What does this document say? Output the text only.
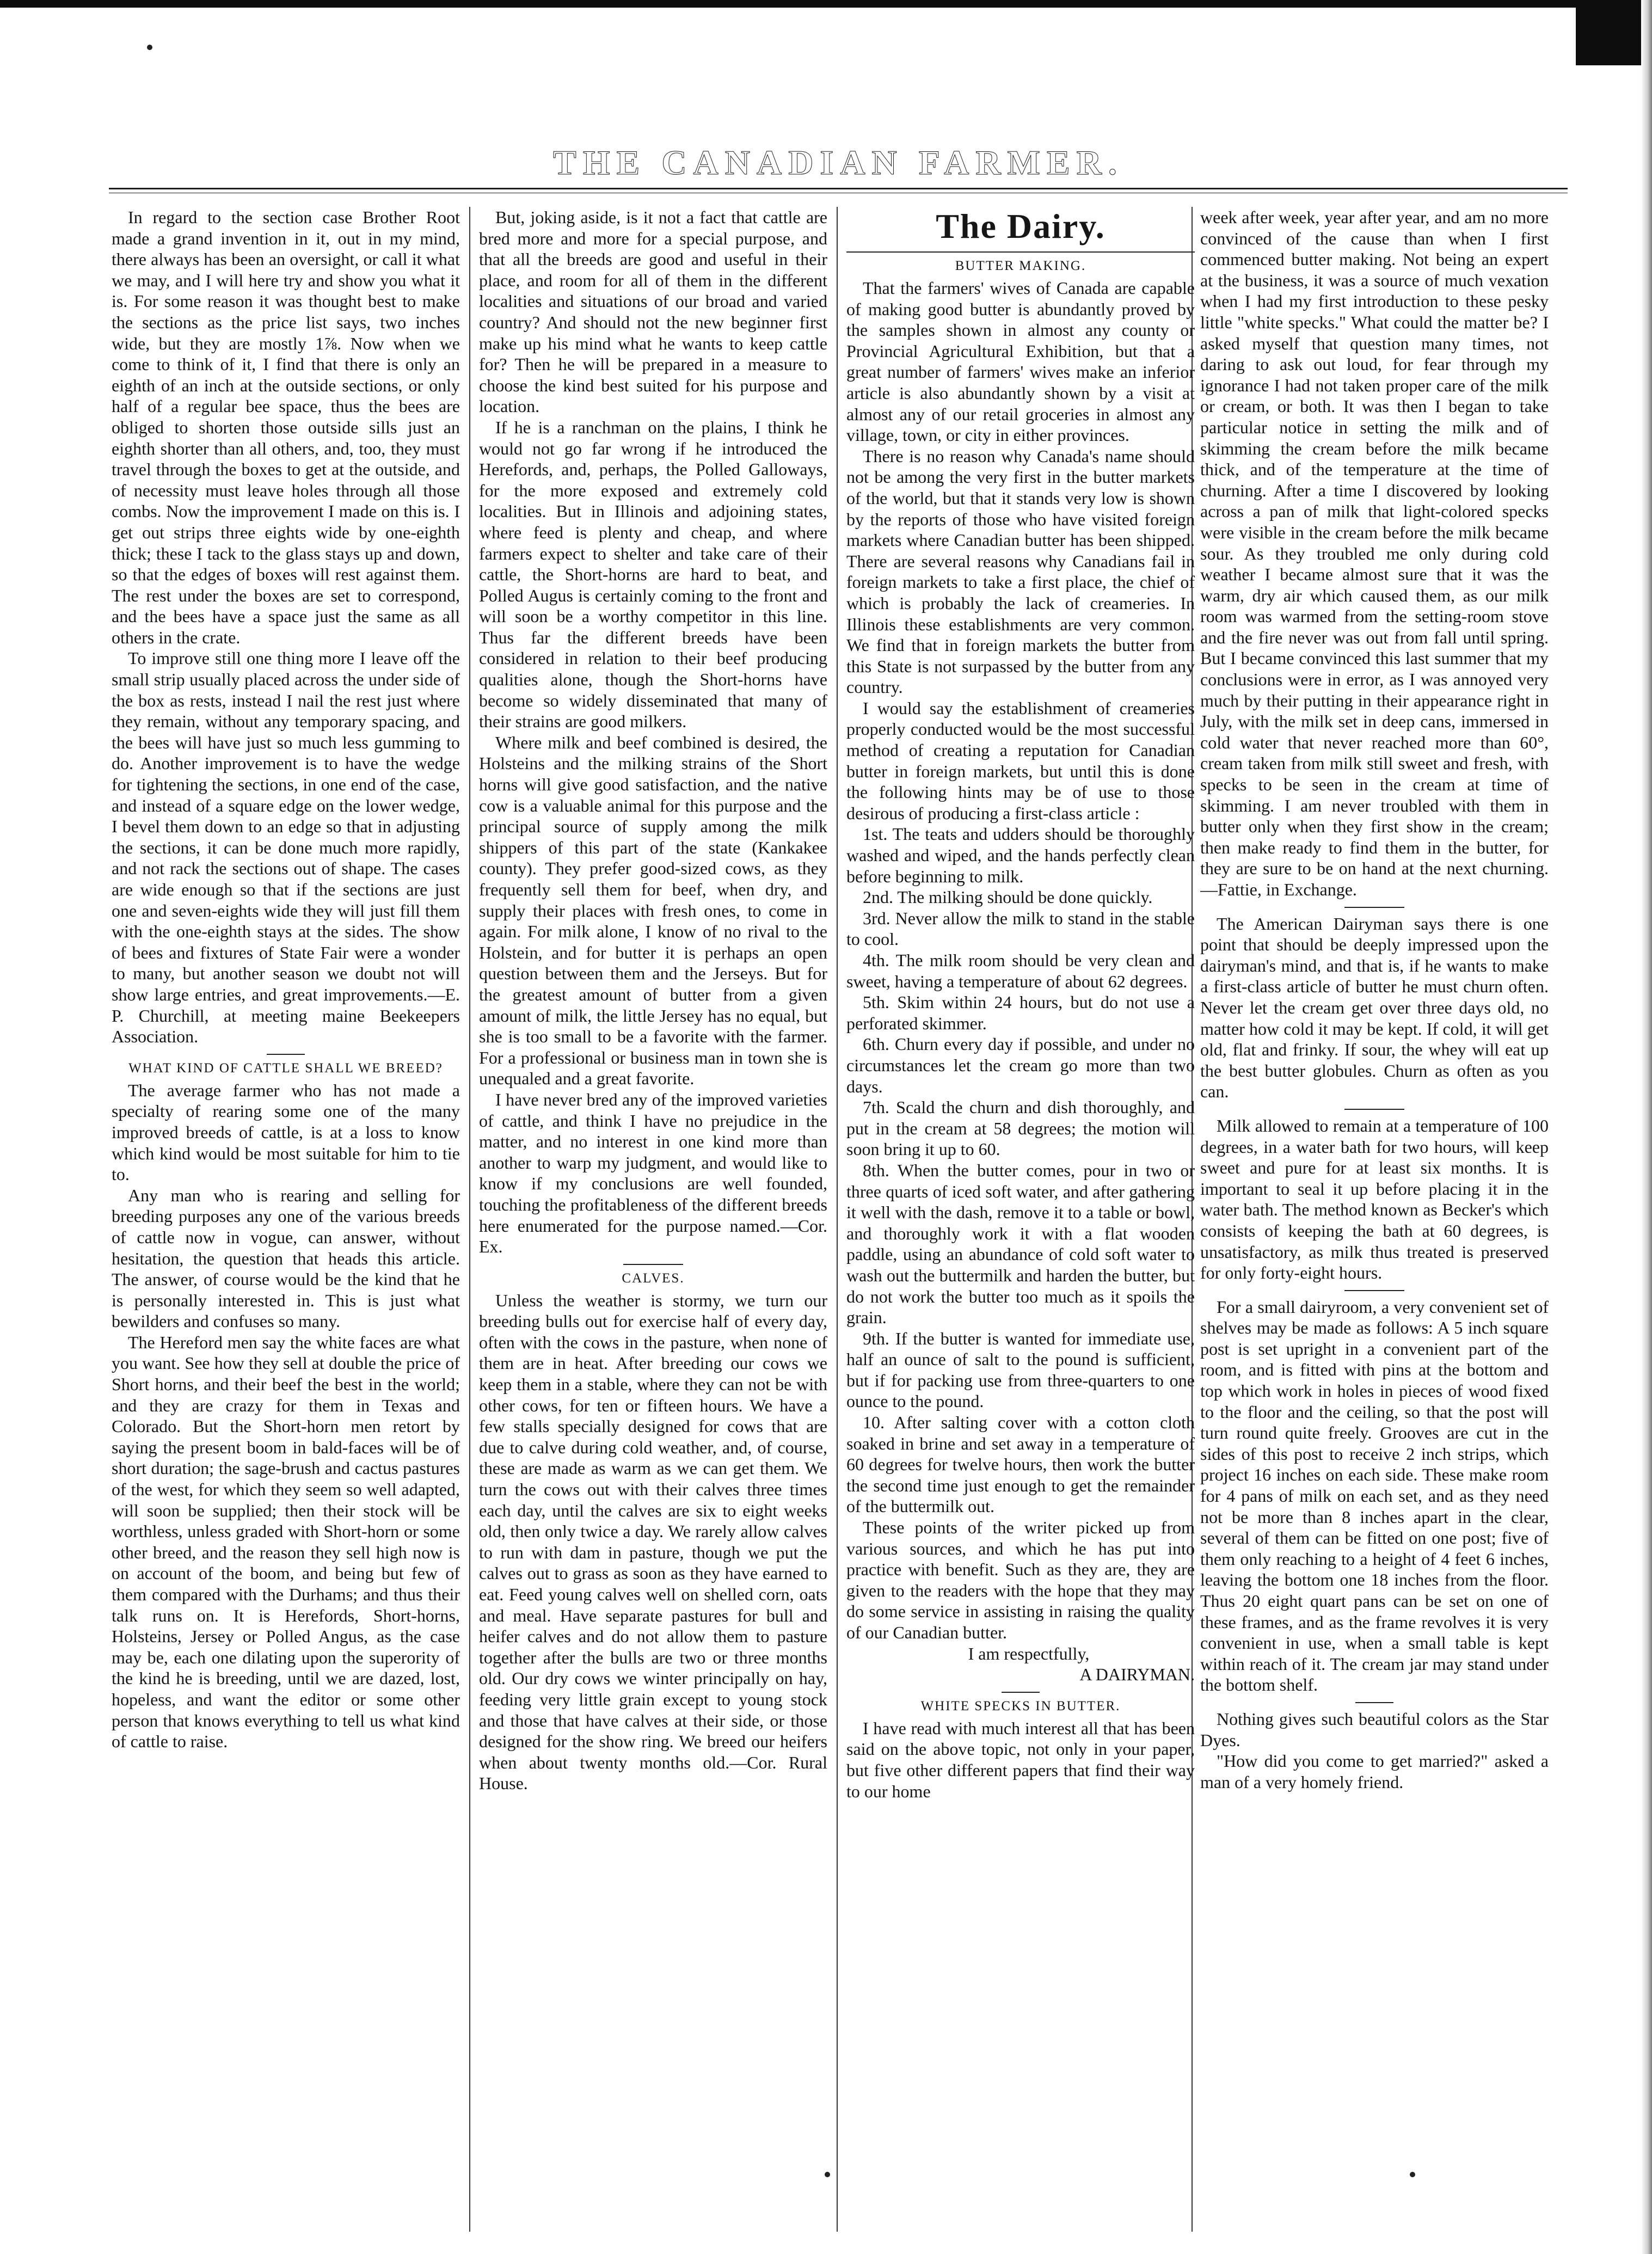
THE CANADIAN FARMER.

In regard to the section case Brother Root made a grand invention in it, out in my mind, there always has been an oversight, or call it what we may, and I will here try and show you what it is. For some reason it was thought best to make the sections as the price list says, two inches wide, but they are mostly 1⅞. Now when we come to think of it, I find that there is only an eighth of an inch at the outside sections, or only half of a regular bee space, thus the bees are obliged to shorten those outside sills just an eighth shorter than all others, and, too, they must travel through the boxes to get at the outside, and of necessity must leave holes through all those combs. Now the improvement I made on this is. I get out strips three eights wide by one-eighth thick; these I tack to the glass stays up and down, so that the edges of boxes will rest against them. The rest under the boxes are set to correspond, and the bees have a space just the same as all others in the crate.

To improve still one thing more I leave off the small strip usually placed across the under side of the box as rests, instead I nail the rest just where they remain, without any temporary spacing, and the bees will have just so much less gumming to do. Another improvement is to have the wedge for tightening the sections, in one end of the case, and instead of a square edge on the lower wedge, I bevel them down to an edge so that in adjusting the sections, it can be done much more rapidly, and not rack the sections out of shape. The cases are wide enough so that if the sections are just one and seven-eights wide they will just fill them with the one-eighth stays at the sides. The show of bees and fixtures of State Fair were a wonder to many, but another season we doubt not will show large entries, and great improvements.—E. P. Churchill, at meeting maine Beekeepers Association.

WHAT KIND OF CATTLE SHALL WE BREED?

The average farmer who has not made a specialty of rearing some one of the many improved breeds of cattle, is at a loss to know which kind would be most suitable for him to tie to.

Any man who is rearing and selling for breeding purposes any one of the various breeds of cattle now in vogue, can answer, without hesitation, the question that heads this article. The answer, of course would be the kind that he is personally interested in. This is just what bewilders and confuses so many.

The Hereford men say the white faces are what you want. See how they sell at double the price of Short horns, and their beef the best in the world; and they are crazy for them in Texas and Colorado. But the Short-horn men retort by saying the present boom in bald-faces will be of short duration; the sage-brush and cactus pastures of the west, for which they seem so well adapted, will soon be supplied; then their stock will be worthless, unless graded with Short-horn or some other breed, and the reason they sell high now is on account of the boom, and being but few of them compared with the Durhams; and thus their talk runs on. It is Herefords, Short-horns, Holsteins, Jersey or Polled Angus, as the case may be, each one dilating upon the superority of the kind he is breeding, until we are dazed, lost, hopeless, and want the editor or some other person that knows everything to tell us what kind of cattle to raise.

But, joking aside, is it not a fact that cattle are bred more and more for a special purpose, and that all the breeds are good and useful in their place, and room for all of them in the different localities and situations of our broad and varied country? And should not the new beginner first make up his mind what he wants to keep cattle for? Then he will be prepared in a measure to choose the kind best suited for his purpose and location.

If he is a ranchman on the plains, I think he would not go far wrong if he introduced the Herefords, and, perhaps, the Polled Galloways, for the more exposed and extremely cold localities. But in Illinois and adjoining states, where feed is plenty and cheap, and where farmers expect to shelter and take care of their cattle, the Short-horns are hard to beat, and Polled Augus is certainly coming to the front and will soon be a worthy competitor in this line. Thus far the different breeds have been considered in relation to their beef producing qualities alone, though the Short-horns have become so widely disseminated that many of their strains are good milkers.

Where milk and beef combined is desired, the Holsteins and the milking strains of the Short horns will give good satisfaction, and the native cow is a valuable animal for this purpose and the principal source of supply among the milk shippers of this part of the state (Kankakee county). They prefer good-sized cows, as they frequently sell them for beef, when dry, and supply their places with fresh ones, to come in again. For milk alone, I know of no rival to the Holstein, and for butter it is perhaps an open question between them and the Jerseys. But for the greatest amount of butter from a given amount of milk, the little Jersey has no equal, but she is too small to be a favorite with the farmer. For a professional or business man in town she is unequaled and a great favorite.

I have never bred any of the improved varieties of cattle, and think I have no prejudice in the matter, and no interest in one kind more than another to warp my judgment, and would like to know if my conclusions are well founded, touching the profitableness of the different breeds here enumerated for the purpose named.—Cor. Ex.

CALVES.

Unless the weather is stormy, we turn our breeding bulls out for exercise half of every day, often with the cows in the pasture, when none of them are in heat. After breeding our cows we keep them in a stable, where they can not be with other cows, for ten or fifteen hours. We have a few stalls specially designed for cows that are due to calve during cold weather, and, of course, these are made as warm as we can get them. We turn the cows out with their calves three times each day, until the calves are six to eight weeks old, then only twice a day. We rarely allow calves to run with dam in pasture, though we put the calves out to grass as soon as they have earned to eat. Feed young calves well on shelled corn, oats and meal. Have separate pastures for bull and heifer calves and do not allow them to pasture together after the bulls are two or three months old. Our dry cows we winter principally on hay, feeding very little grain except to young stock and those that have calves at their side, or those designed for the show ring. We breed our heifers when about twenty months old.—Cor. Rural House.

The Dairy.
BUTTER MAKING.

That the farmers' wives of Canada are capable of making good butter is abundantly proved by the samples shown in almost any county or Provincial Agricultural Exhibition, but that a great number of farmers' wives make an inferior article is also abundantly shown by a visit at almost any of our retail groceries in almost any village, town, or city in either provinces.

There is no reason why Canada's name should not be among the very first in the butter markets of the world, but that it stands very low is shown by the reports of those who have visited foreign markets where Canadian butter has been shipped. There are several reasons why Canadians fail in foreign markets to take a first place, the chief of which is probably the lack of creameries. In Illinois these establishments are very common. We find that in foreign markets the butter from this State is not surpassed by the butter from any country.

I would say the establishment of creameries properly conducted would be the most successful method of creating a reputation for Canadian butter in foreign markets, but until this is done the following hints may be of use to those desirous of producing a first-class article :

1st. The teats and udders should be thoroughly washed and wiped, and the hands perfectly clean before beginning to milk.

2nd. The milking should be done quickly.

3rd. Never allow the milk to stand in the stable to cool.

4th. The milk room should be very clean and sweet, having a temperature of about 62 degrees.

5th. Skim within 24 hours, but do not use a perforated skimmer.

6th. Churn every day if possible, and under no circumstances let the cream go more than two days.

7th. Scald the churn and dish thoroughly, and put in the cream at 58 degrees; the motion will soon bring it up to 60.

8th. When the butter comes, pour in two or three quarts of iced soft water, and after gathering it well with the dash, remove it to a table or bowl, and thoroughly work it with a flat wooden paddle, using an abundance of cold soft water to wash out the buttermilk and harden the butter, but do not work the butter too much as it spoils the grain.

9th. If the butter is wanted for immediate use, half an ounce of salt to the pound is sufficient, but if for packing use from three-quarters to one ounce to the pound.

10. After salting cover with a cotton cloth soaked in brine and set away in a temperature of 60 degrees for twelve hours, then work the butter the second time just enough to get the remainder of the buttermilk out.

These points of the writer picked up from various sources, and which he has put into practice with benefit. Such as they are, they are given to the readers with the hope that they may do some service in assisting in raising the quality of our Canadian butter.

I am respectfully,

A DAIRYMAN.

WHITE SPECKS IN BUTTER.

I have read with much interest all that has been said on the above topic, not only in your paper, but five other different papers that find their way to our home

week after week, year after year, and am no more convinced of the cause than when I first commenced butter making. Not being an expert at the business, it was a source of much vexation when I had my first introduction to these pesky little "white specks." What could the matter be? I asked myself that question many times, not daring to ask out loud, for fear through my ignorance I had not taken proper care of the milk or cream, or both. It was then I began to take particular notice in setting the milk and of skimming the cream before the milk became thick, and of the temperature at the time of churning. After a time I discovered by looking across a pan of milk that light-colored specks were visible in the cream before the milk became sour. As they troubled me only during cold weather I became almost sure that it was the warm, dry air which caused them, as our milk room was warmed from the setting-room stove and the fire never was out from fall until spring. But I became convinced this last summer that my conclusions were in error, as I was annoyed very much by their putting in their appearance right in July, with the milk set in deep cans, immersed in cold water that never reached more than 60°, cream taken from milk still sweet and fresh, with specks to be seen in the cream at time of skimming. I am never troubled with them in butter only when they first show in the cream; then make ready to find them in the butter, for they are sure to be on hand at the next churning.—Fattie, in Exchange.

The American Dairyman says there is one point that should be deeply impressed upon the dairyman's mind, and that is, if he wants to make a first-class article of butter he must churn often. Never let the cream get over three days old, no matter how cold it may be kept. If cold, it will get old, flat and frinky. If sour, the whey will eat up the best butter globules. Churn as often as you can.

Milk allowed to remain at a temperature of 100 degrees, in a water bath for two hours, will keep sweet and pure for at least six months. It is important to seal it up before placing it in the water bath. The method known as Becker's which consists of keeping the bath at 60 degrees, is unsatisfactory, as milk thus treated is preserved for only forty-eight hours.

For a small dairyroom, a very convenient set of shelves may be made as follows: A 5 inch square post is set upright in a convenient part of the room, and is fitted with pins at the bottom and top which work in holes in pieces of wood fixed to the floor and the ceiling, so that the post will turn round quite freely. Grooves are cut in the sides of this post to receive 2 inch strips, which project 16 inches on each side. These make room for 4 pans of milk on each set, and as they need not be more than 8 inches apart in the clear, several of them can be fitted on one post; five of them only reaching to a height of 4 feet 6 inches, leaving the bottom one 18 inches from the floor. Thus 20 eight quart pans can be set on one of these frames, and as the frame revolves it is very convenient in use, when a small table is kept within reach of it. The cream jar may stand under the bottom shelf.

Nothing gives such beautiful colors as the Star Dyes.

"How did you come to get married?" asked a man of a very homely friend.
